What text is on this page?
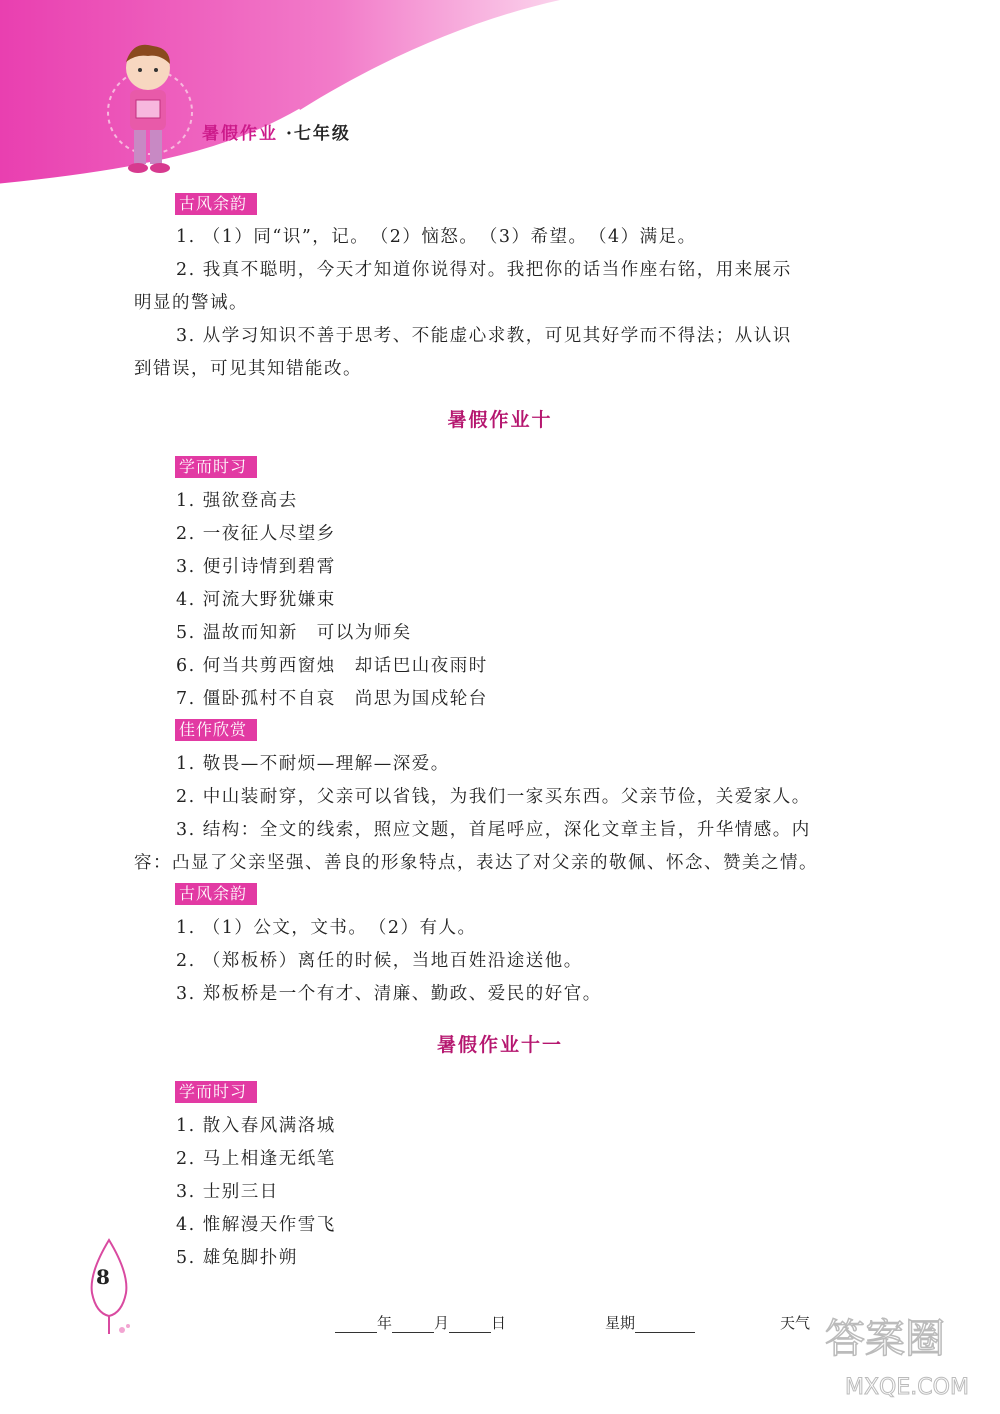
暑假作业 ·七年级
古风余韵
1. （1）同“识”，记。　（2）恼怒。　（3）希望。　（4）满足。
2. 我真不聪明，今天才知道你说得对。我把你的话当作座右铭，用来展示
明显的警诫。
3. 从学习知识不善于思考、不能虚心求教，可见其好学而不得法；从认识
到错误，可见其知错能改。
暑假作业十
学而时习
1. 强欲登高去
2. 一夜征人尽望乡
3. 便引诗情到碧霄
4. 河流大野犹嫌束
5. 温故而知新　可以为师矣
6. 何当共剪西窗烛　却话巴山夜雨时
7. 僵卧孤村不自哀　尚思为国戍轮台
佳作欣赏
1. 敬畏—不耐烦—理解—深爱。
2. 中山装耐穿，父亲可以省钱，为我们一家买东西。父亲节俭，关爱家人。
3. 结构：全文的线索，照应文题，首尾呼应，深化文章主旨，升华情感。内
容：凸显了父亲坚强、善良的形象特点，表达了对父亲的敬佩、怀念、赞美之情。
古风余韵
1. （1）公文，文书。　（2）有人。
2. （郑板桥）离任的时候，当地百姓沿途送他。
3. 郑板桥是一个有才、清廉、勤政、爱民的好官。
暑假作业十一
学而时习
1. 散入春风满洛城
2. 马上相逢无纸笔
3. 士别三日
4. 惟解漫天作雪飞
5. 雄兔脚扑朔
8
年	月	日	星期	天气 答案圈
MXQE.COM
